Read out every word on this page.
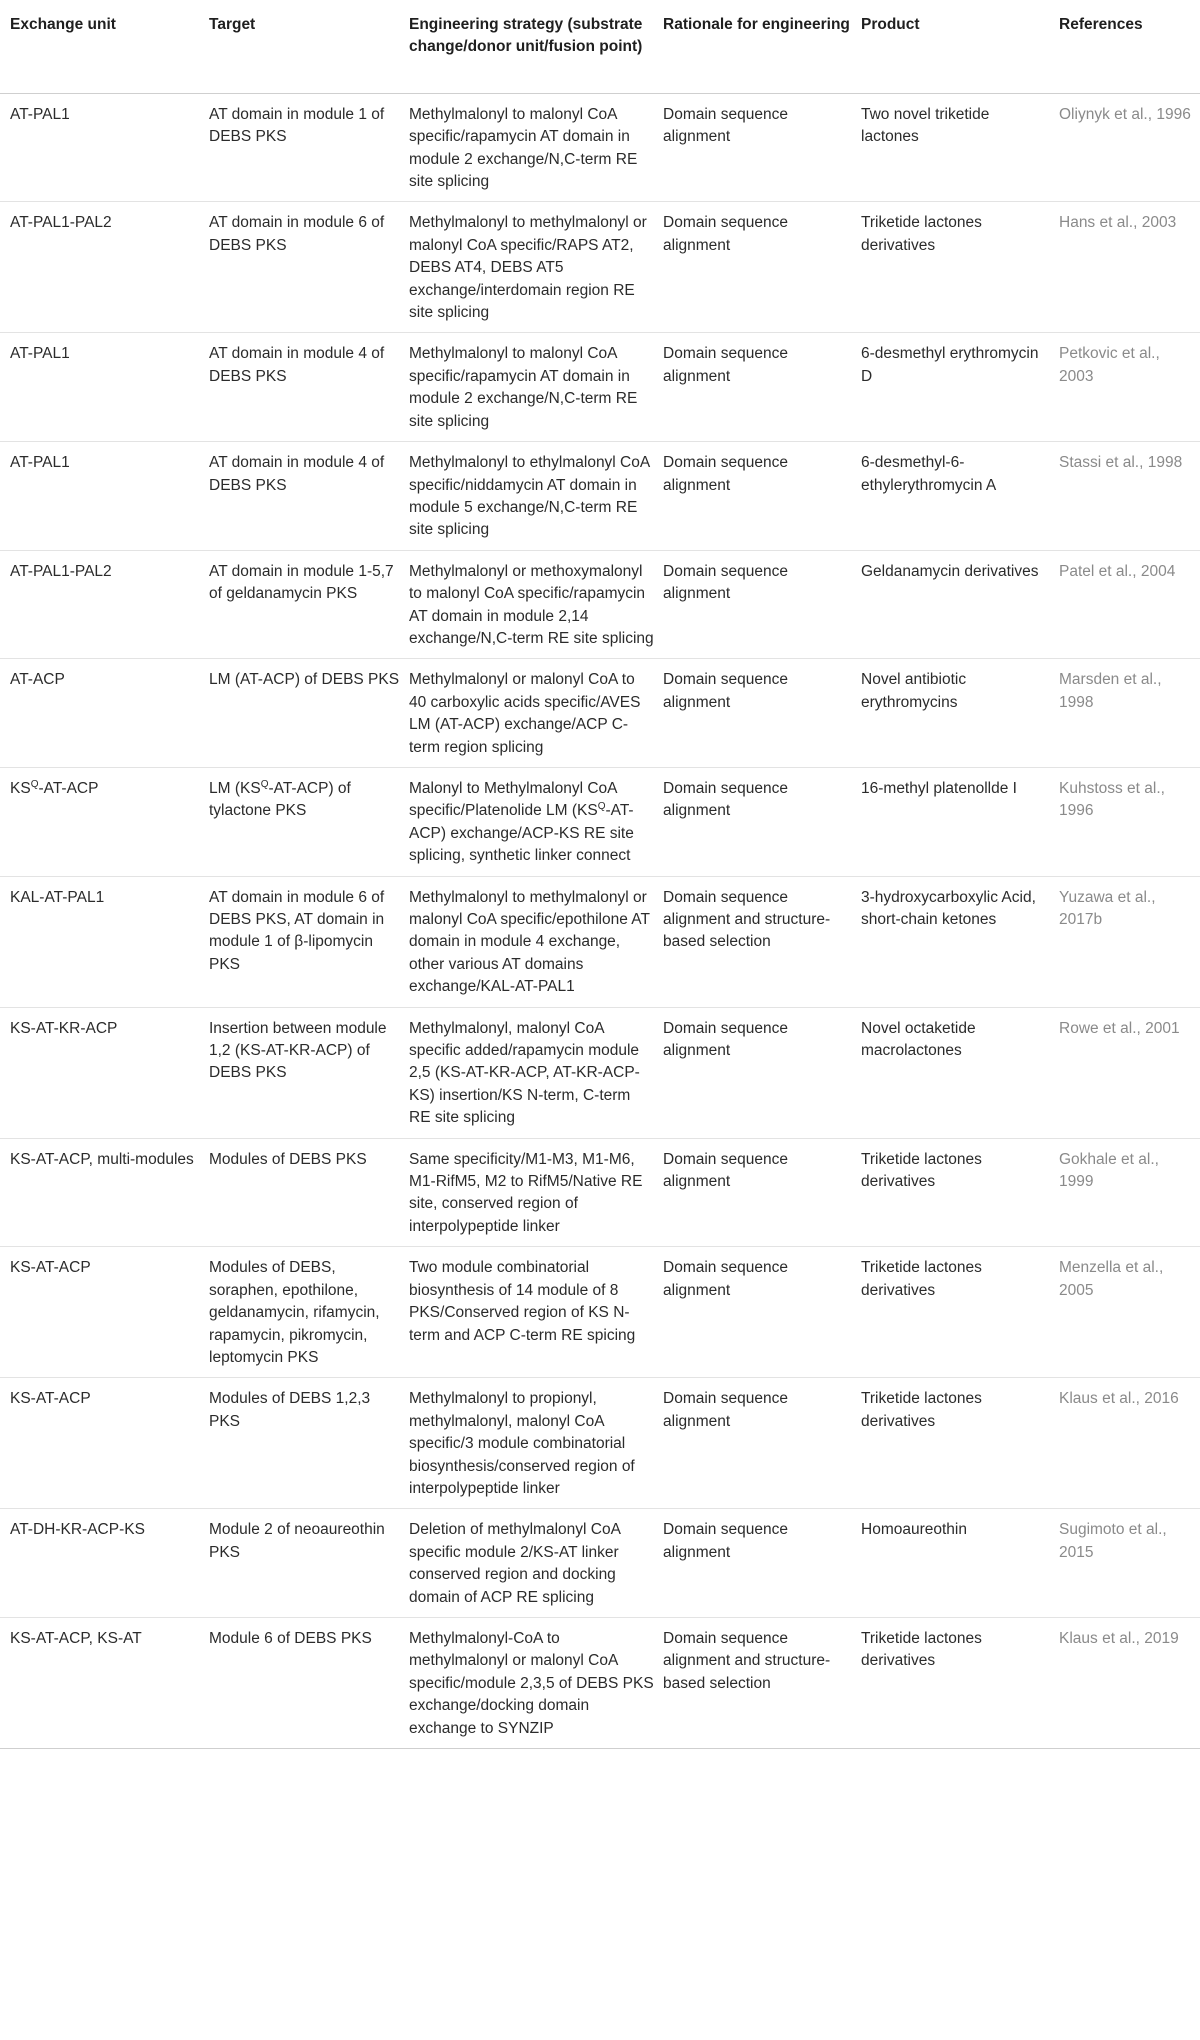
Exchange unit	Target	Engineering strategy (substrate change/donor unit/fusion point)	Rationale for engineering	Product	References
AT-PAL1	AT domain in module 1 of DEBS PKS	Methylmalonyl to malonyl CoA specific/rapamycin AT domain in module 2 exchange/N,C-term RE site splicing	Domain sequence alignment	Two novel triketide lactones	Oliynyk et al., 1996
AT-PAL1-PAL2	AT domain in module 6 of DEBS PKS	Methylmalonyl to methylmalonyl or malonyl CoA specific/RAPS AT2, DEBS AT4, DEBS AT5 exchange/interdomain region RE site splicing	Domain sequence alignment	Triketide lactones derivatives	Hans et al., 2003
AT-PAL1	AT domain in module 4 of DEBS PKS	Methylmalonyl to malonyl CoA specific/rapamycin AT domain in module 2 exchange/N,C-term RE site splicing	Domain sequence alignment	6-desmethyl erythromycin D	Petkovic et al., 2003
AT-PAL1	AT domain in module 4 of DEBS PKS	Methylmalonyl to ethylmalonyl CoA specific/niddamycin AT domain in module 5 exchange/N,C-term RE site splicing	Domain sequence alignment	6-desmethyl-6-ethylerythromycin A	Stassi et al., 1998
AT-PAL1-PAL2	AT domain in module 1-5,7 of geldanamycin PKS	Methylmalonyl or methoxymalonyl to malonyl CoA specific/rapamycin AT domain in module 2,14 exchange/N,C-term RE site splicing	Domain sequence alignment	Geldanamycin derivatives	Patel et al., 2004
AT-ACP	LM (AT-ACP) of DEBS PKS	Methylmalonyl or malonyl CoA to 40 carboxylic acids specific/AVES LM (AT-ACP) exchange/ACP C-term region splicing	Domain sequence alignment	Novel antibiotic erythromycins	Marsden et al., 1998
$KS^Q-AT$-ACP	LM $(KS^Q-AT-ACP)$ of tylactone PKS	Malonyl to Methylmalonyl CoA specific/Platenolide LM $(KS^Q-AT-ACP)$ exchange/ACP-KS RE site splicing, synthetic linker connect	Domain sequence alignment	16-methyl platenollde I	Kuhstoss et al., 1996
KAL-AT-PAL1	AT domain in module 6 of DEBS PKS, AT domain in module 1 of β-lipomycin PKS	Methylmalonyl to methylmalonyl or malonyl CoA specific/epothilone AT domain in module 4 exchange, other various AT domains exchange/KAL-AT-PAL1	Domain sequence alignment and structure-based selection	3-hydroxycarboxylic Acid, short-chain ketones	Yuzawa et al., 2017b
KS-AT-KR-ACP	Insertion between module 1,2 (KS-AT-KR-ACP) of DEBS PKS	Methylmalonyl, malonyl CoA specific added/rapamycin module 2,5 (KS-AT-KR-ACP, AT-KR-ACP-KS) insertion/KS N-term, C-term RE site splicing	Domain sequence alignment	Novel octaketide macrolactones	Rowe et al., 2001
KS-AT-ACP, multi-modules	Modules of DEBS PKS	Same specificity/M1-M3, M1-M6, M1-RifM5, M2 to RifM5/Native RE site, conserved region of interpolypeptide linker	Domain sequence alignment	Triketide lactones derivatives	Gokhale et al., 1999
KS-AT-ACP	Modules of DEBS, soraphen, epothilone, geldanamycin, rifamycin, rapamycin, pikromycin, leptomycin PKS	Two module combinatorial biosynthesis of 14 module of 8 PKS/Conserved region of KS N-term and ACP C-term RE spicing	Domain sequence alignment	Triketide lactones derivatives	Menzella et al., 2005
KS-AT-ACP	Modules of DEBS 1,2,3 PKS	Methylmalonyl to propionyl, methylmalonyl, malonyl CoA specific/3 module combinatorial biosynthesis/conserved region of interpolypeptide linker	Domain sequence alignment	Triketide lactones derivatives	Klaus et al., 2016
AT-DH-KR-ACP-KS	Module 2 of neoaureothin PKS	Deletion of methylmalonyl CoA specific module 2/KS-AT linker conserved region and docking domain of ACP RE splicing	Domain sequence alignment	Homoaureothin	Sugimoto et al., 2015
KS-AT-ACP, KS-AT	Module 6 of DEBS PKS	Methylmalonyl-CoA to methylmalonyl or malonyl CoA specific/module 2,3,5 of DEBS PKS exchange/docking domain exchange to SYNZIP	Domain sequence alignment and structure-based selection	Triketide lactones derivatives	Klaus et al., 2019
